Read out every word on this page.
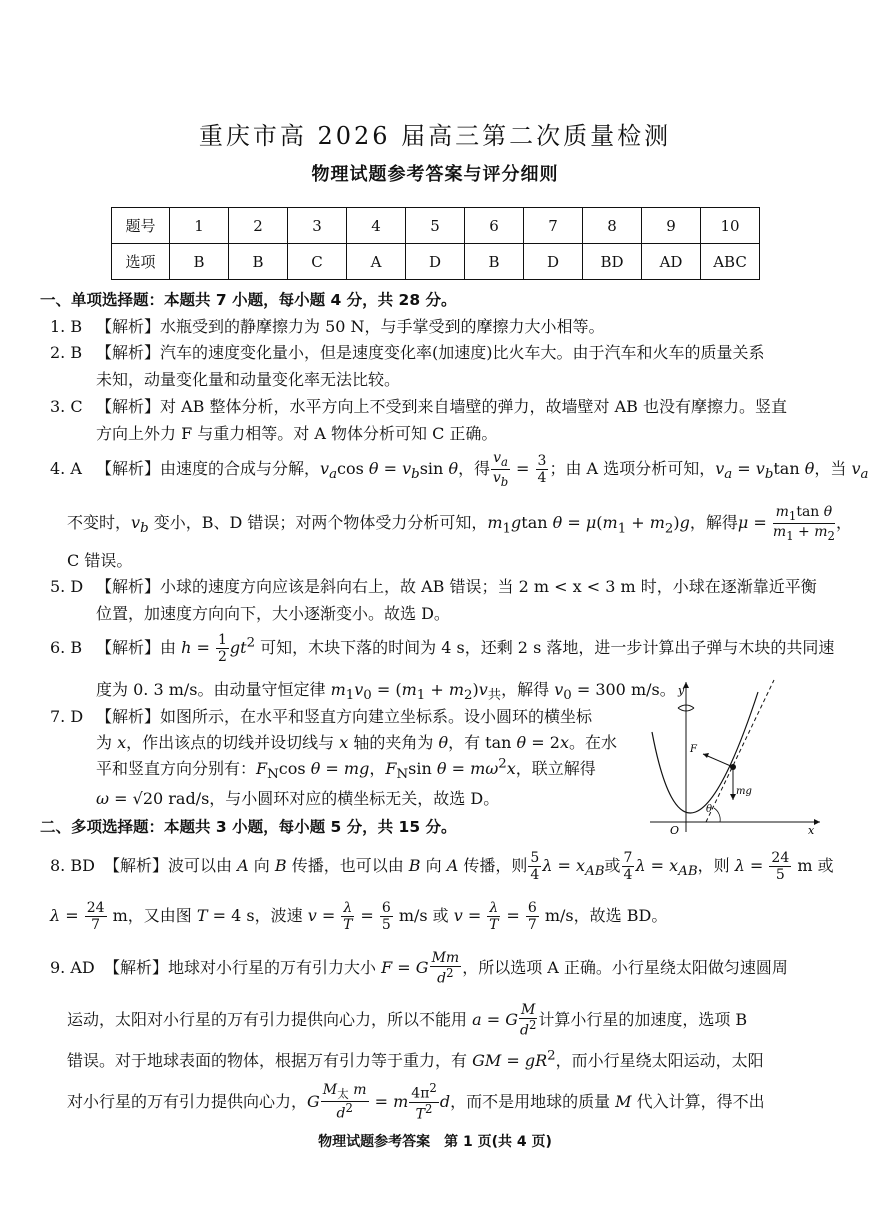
重庆市高 2026 届高三第二次质量检测
物理试题参考答案与评分细则
题号	1	2	3	4	5	6	7	8	9	10
选项	B	B	C	A	D	B	D	BD	AD	ABC
一、单项选择题：本题共 7 小题，每小题 4 分，共 28 分。
1. B 【解析】水瓶受到的静摩擦力为 50 N，与手掌受到的摩擦力大小相等。
2. B 【解析】汽车的速度变化量小，但是速度变化率(加速度)比火车大。由于汽车和火车的质量关系
未知，动量变化量和动量变化率无法比较。
3. C 【解析】对 AB 整体分析，水平方向上不受到来自墙壁的弹力，故墙壁对 AB 也没有摩擦力。竖直
方向上外力 F 与重力相等。对 A 物体分析可知 C 正确。
4. A 【解析】由速度的合成与分解，$v_a\cos$ $\theta = v_b\sin$ θ，得 $\frac{v_a}{v_b} = \frac{3}{4}$ ；由 A 选项分析可知，$v_a = v_b\tan$ θ，当 $v_a$
不变时，$v_b$ 变小，B、D 错误；对两个物体受力分析可知，$m_1gtan$ $\theta = \mu(m_1 + m_2)g$，解得$\mu = \frac{m_1\tan \theta}{m_1 + m_2}$ ，
C 错误。
5. D 【解析】小球的速度方向应该是斜向右上，故 AB 错误；当 2 m < x < 3 m 时，小球在逐渐靠近平衡
位置，加速度方向向下，大小逐渐变小。故选 D。
6. B 【解析】由 $h = \frac{1}{2} gt^2$ 可知，木块下落的时间为 4 s，还剩 2 s 落地，进一步计算出子弹与木块的共同速
度为 0. 3 m/s。由动量守恒定律 $m_1v_0 = (m_1 + m_2)v_共$，解得 $v_0 = 300$ m/s。
7. D 【解析】如图所示，在水平和竖直方向建立坐标系。设小圆环的横坐标
为 x，作出该点的切线并设切线与 x 轴的夹角为 θ，有 tan θ = 2x。在水
平和竖直方向分别有：$F_N\cos$ θ = mg，$F_N\sin$ $\theta = m\omega^2x$，联立解得
ω = √20 rad/s，与小圆环对应的横坐标无关，故选 D。
y
x
O
F
mg
θ
二、多项选择题：本题共 3 小题，每小题 5 分，共 15 分。
8. BD 【解析】波可以由 A 向 B 传播，也可以由 B 向 A 传播，则 $\frac{5}{4}$ $\lambda = x_{AB}$或 $\frac{7}{4}$ $\lambda = x_{AB}$，则 $\lambda = \frac{24}{5}$ m 或
$\lambda = \frac{24}{7}$ m，又由图 T = 4 s，波速 $v = \frac{\lambda}{T} = \frac{6}{5} m/s$ 或 $v = \frac{\lambda}{T} = \frac{6}{7} m/s$，故选 BD。
9. AD 【解析】地球对小行星的万有引力大小 F = G $\frac{Mm}{d^2}$ ，所以选项 A 正确。小行星绕太阳做匀速圆周
运动，太阳对小行星的万有引力提供向心力，所以不能用 a = G $\frac{M}{d^2}$ 计算小行星的加速度，选项 B
错误。对于地球表面的物体，根据万有引力等于重力，有 GM = $gR^2$，而小行星绕太阳运动，太阳
对小行星的万有引力提供向心力，G $\frac{M_太 m}{d^2} = m \frac{4\pi^2}{T^2}$ d，而不是用地球的质量 M 代入计算，得不出
物理试题参考答案　第 1 页(共 4 页)
